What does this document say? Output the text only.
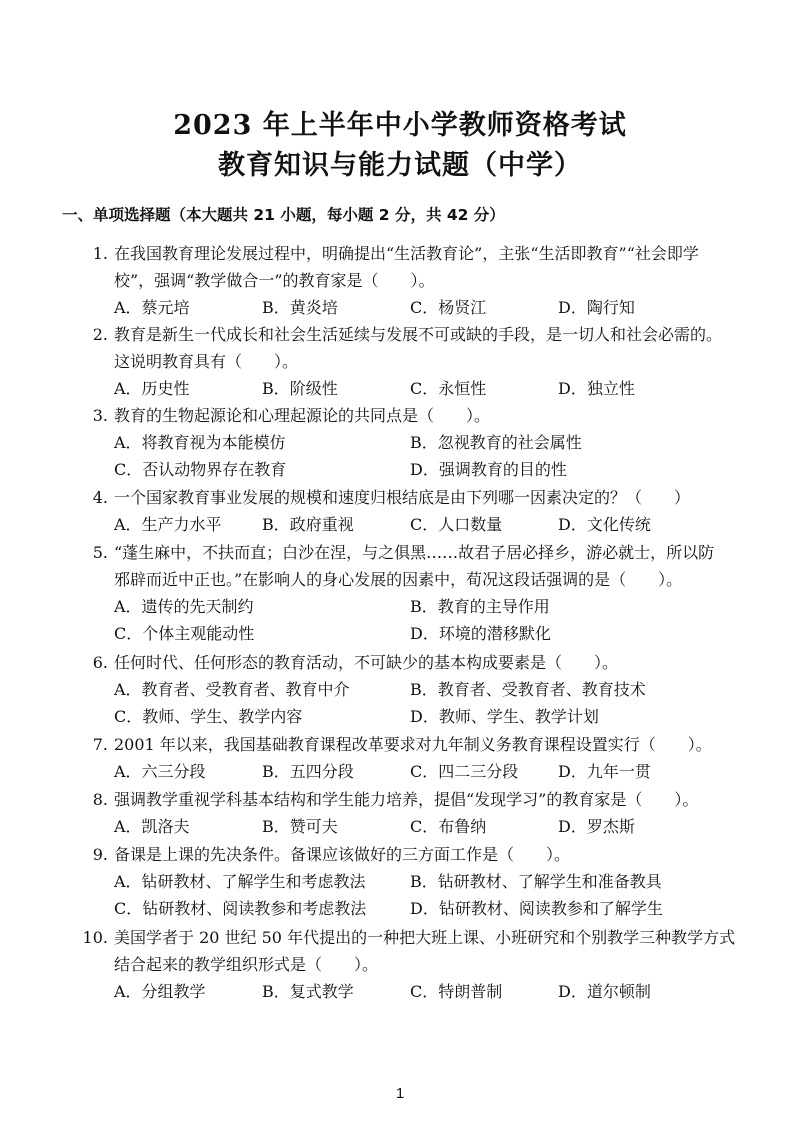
2023 年上半年中小学教师资格考试
教育知识与能力试题（中学）
一、单项选择题（本大题共 21 小题，每小题 2 分，共 42 分）
1. 在我国教育理论发展过程中，明确提出“生活教育论”，主张“生活即教育”“社会即学
校”，强调“教学做合一”的教育家是（　　）。
A．蔡元培	B．黄炎培	C．杨贤江	D．陶行知
2. 教育是新生一代成长和社会生活延续与发展不可或缺的手段，是一切人和社会必需的。
这说明教育具有（　　）。
A．历史性	B．阶级性	C．永恒性	D．独立性
3. 教育的生物起源论和心理起源论的共同点是（　　）。
A．将教育视为本能模仿	B．忽视教育的社会属性
C．否认动物界存在教育	D．强调教育的目的性
4. 一个国家教育事业发展的规模和速度归根结底是由下列哪一因素决定的？（　　）
A．生产力水平	B．政府重视	C．人口数量	D．文化传统
5. “蓬生麻中，不扶而直；白沙在涅，与之俱黑……故君子居必择乡，游必就士，所以防
邪辟而近中正也。”在影响人的身心发展的因素中，荀况这段话强调的是（　　）。
A．遗传的先天制约	B．教育的主导作用
C．个体主观能动性	D．环境的潜移默化
6. 任何时代、任何形态的教育活动，不可缺少的基本构成要素是（　　）。
A．教育者、受教育者、教育中介	B．教育者、受教育者、教育技术
C．教师、学生、教学内容	D．教师、学生、教学计划
7. 2001 年以来，我国基础教育课程改革要求对九年制义务教育课程设置实行（　　）。
A．六三分段	B．五四分段	C．四二三分段	D．九年一贯
8. 强调教学重视学科基本结构和学生能力培养，提倡“发现学习”的教育家是（　　）。
A．凯洛夫	B．赞可夫	C．布鲁纳	D．罗杰斯
9. 备课是上课的先决条件。备课应该做好的三方面工作是（　　）。
A．钻研教材、了解学生和考虑教法	B．钻研教材、了解学生和准备教具
C．钻研教材、阅读教参和考虑教法	D．钻研教材、阅读教参和了解学生
10. 美国学者于 20 世纪 50 年代提出的一种把大班上课、小班研究和个别教学三种教学方式
结合起来的教学组织形式是（　　）。
A．分组教学	B．复式教学	C．特朗普制	D．道尔顿制
1
